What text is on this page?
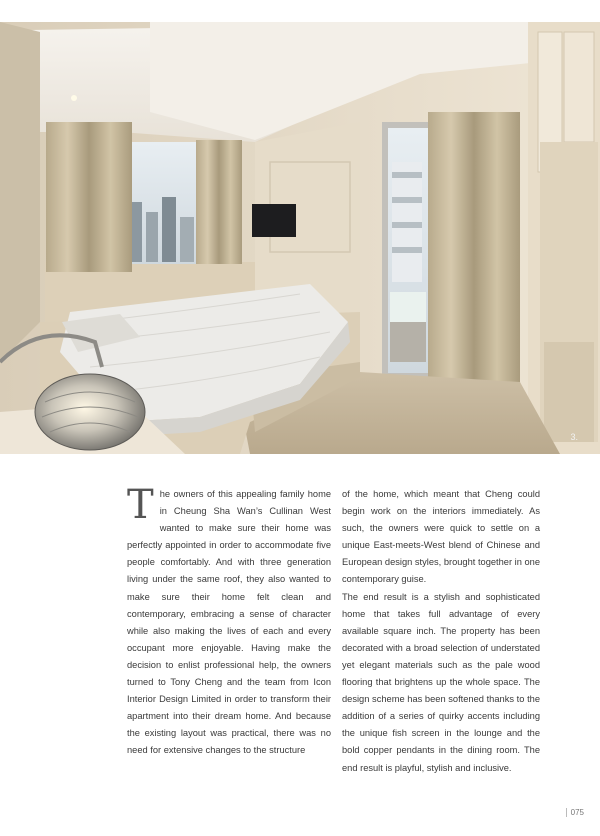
3.
T he owners of this appealing family home in Cheung Sha Wan’s Cullinan West wanted to make sure their home was perfectly appointed in order to accommodate five people comfortably. And with three generation living under the same roof, they also wanted to make sure their home felt clean and contemporary, embracing a sense of character while also making the lives of each and every occupant more enjoyable. Having make the decision to enlist professional help, the owners turned to Tony Cheng and the team from Icon Interior Design Limited in order to transform their apartment into their dream home. And because the existing layout was practical, there was no need for extensive changes to the structure

of the home, which meant that Cheng could begin work on the interiors immediately. As such, the owners were quick to settle on a unique East-meets-West blend of Chinese and European design styles, brought together in one contemporary guise.

The end result is a stylish and sophisticated home that takes full advantage of every available square inch. The property has been decorated with a broad selection of understated yet elegant materials such as the pale wood flooring that brightens up the whole space. The design scheme has been softened thanks to the addition of a series of quirky accents including the unique fish screen in the lounge and the bold copper pendants in the dining room. The end result is playful, stylish and inclusive.

075
